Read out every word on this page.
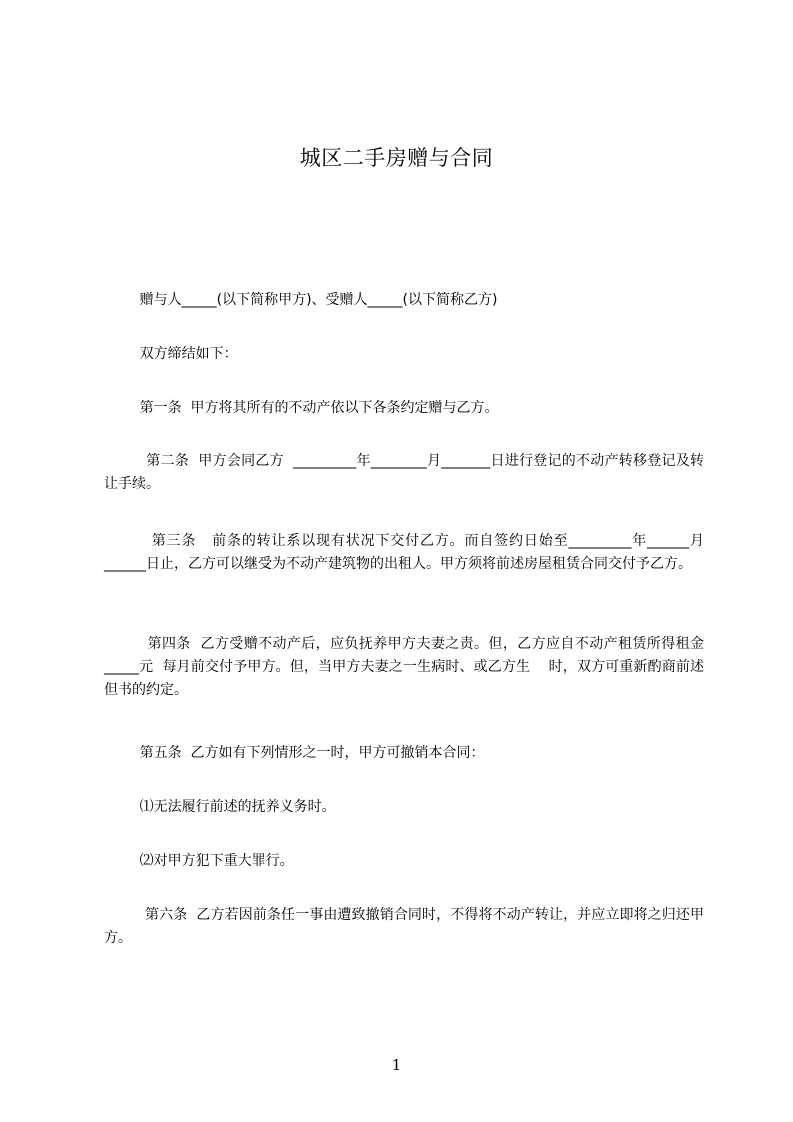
城区二手房赠与合同
赠与人_____(以下简称甲方)、受赠人_____(以下简称乙方)
双方缔结如下：
第一条  甲方将其所有的不动产依以下各条约定赠与乙方。
第二条  甲方会同乙方  _________年________月_______日进行登记的不动产转移登记及转让手续。
第三条   前条的转让系以现有状况下交付乙方。而自签约日始至_________年______月______日止，乙方可以继受为不动产建筑物的出租人。甲方须将前述房屋租赁合同交付予乙方。
第四条  乙方受赠不动产后，应负抚养甲方夫妻之责。但，乙方应自不动产租赁所得租金_____元  每月前交付予甲方。但，当甲方夫妻之一生病时、或乙方生    时，双方可重新酌商前述但书的约定。
第五条  乙方如有下列情形之一时，甲方可撤销本合同：
⑴无法履行前述的抚养义务时。
⑵对甲方犯下重大罪行。
第六条  乙方若因前条任一事由遭致撤销合同时，不得将不动产转让，并应立即将之归还甲方。
1
